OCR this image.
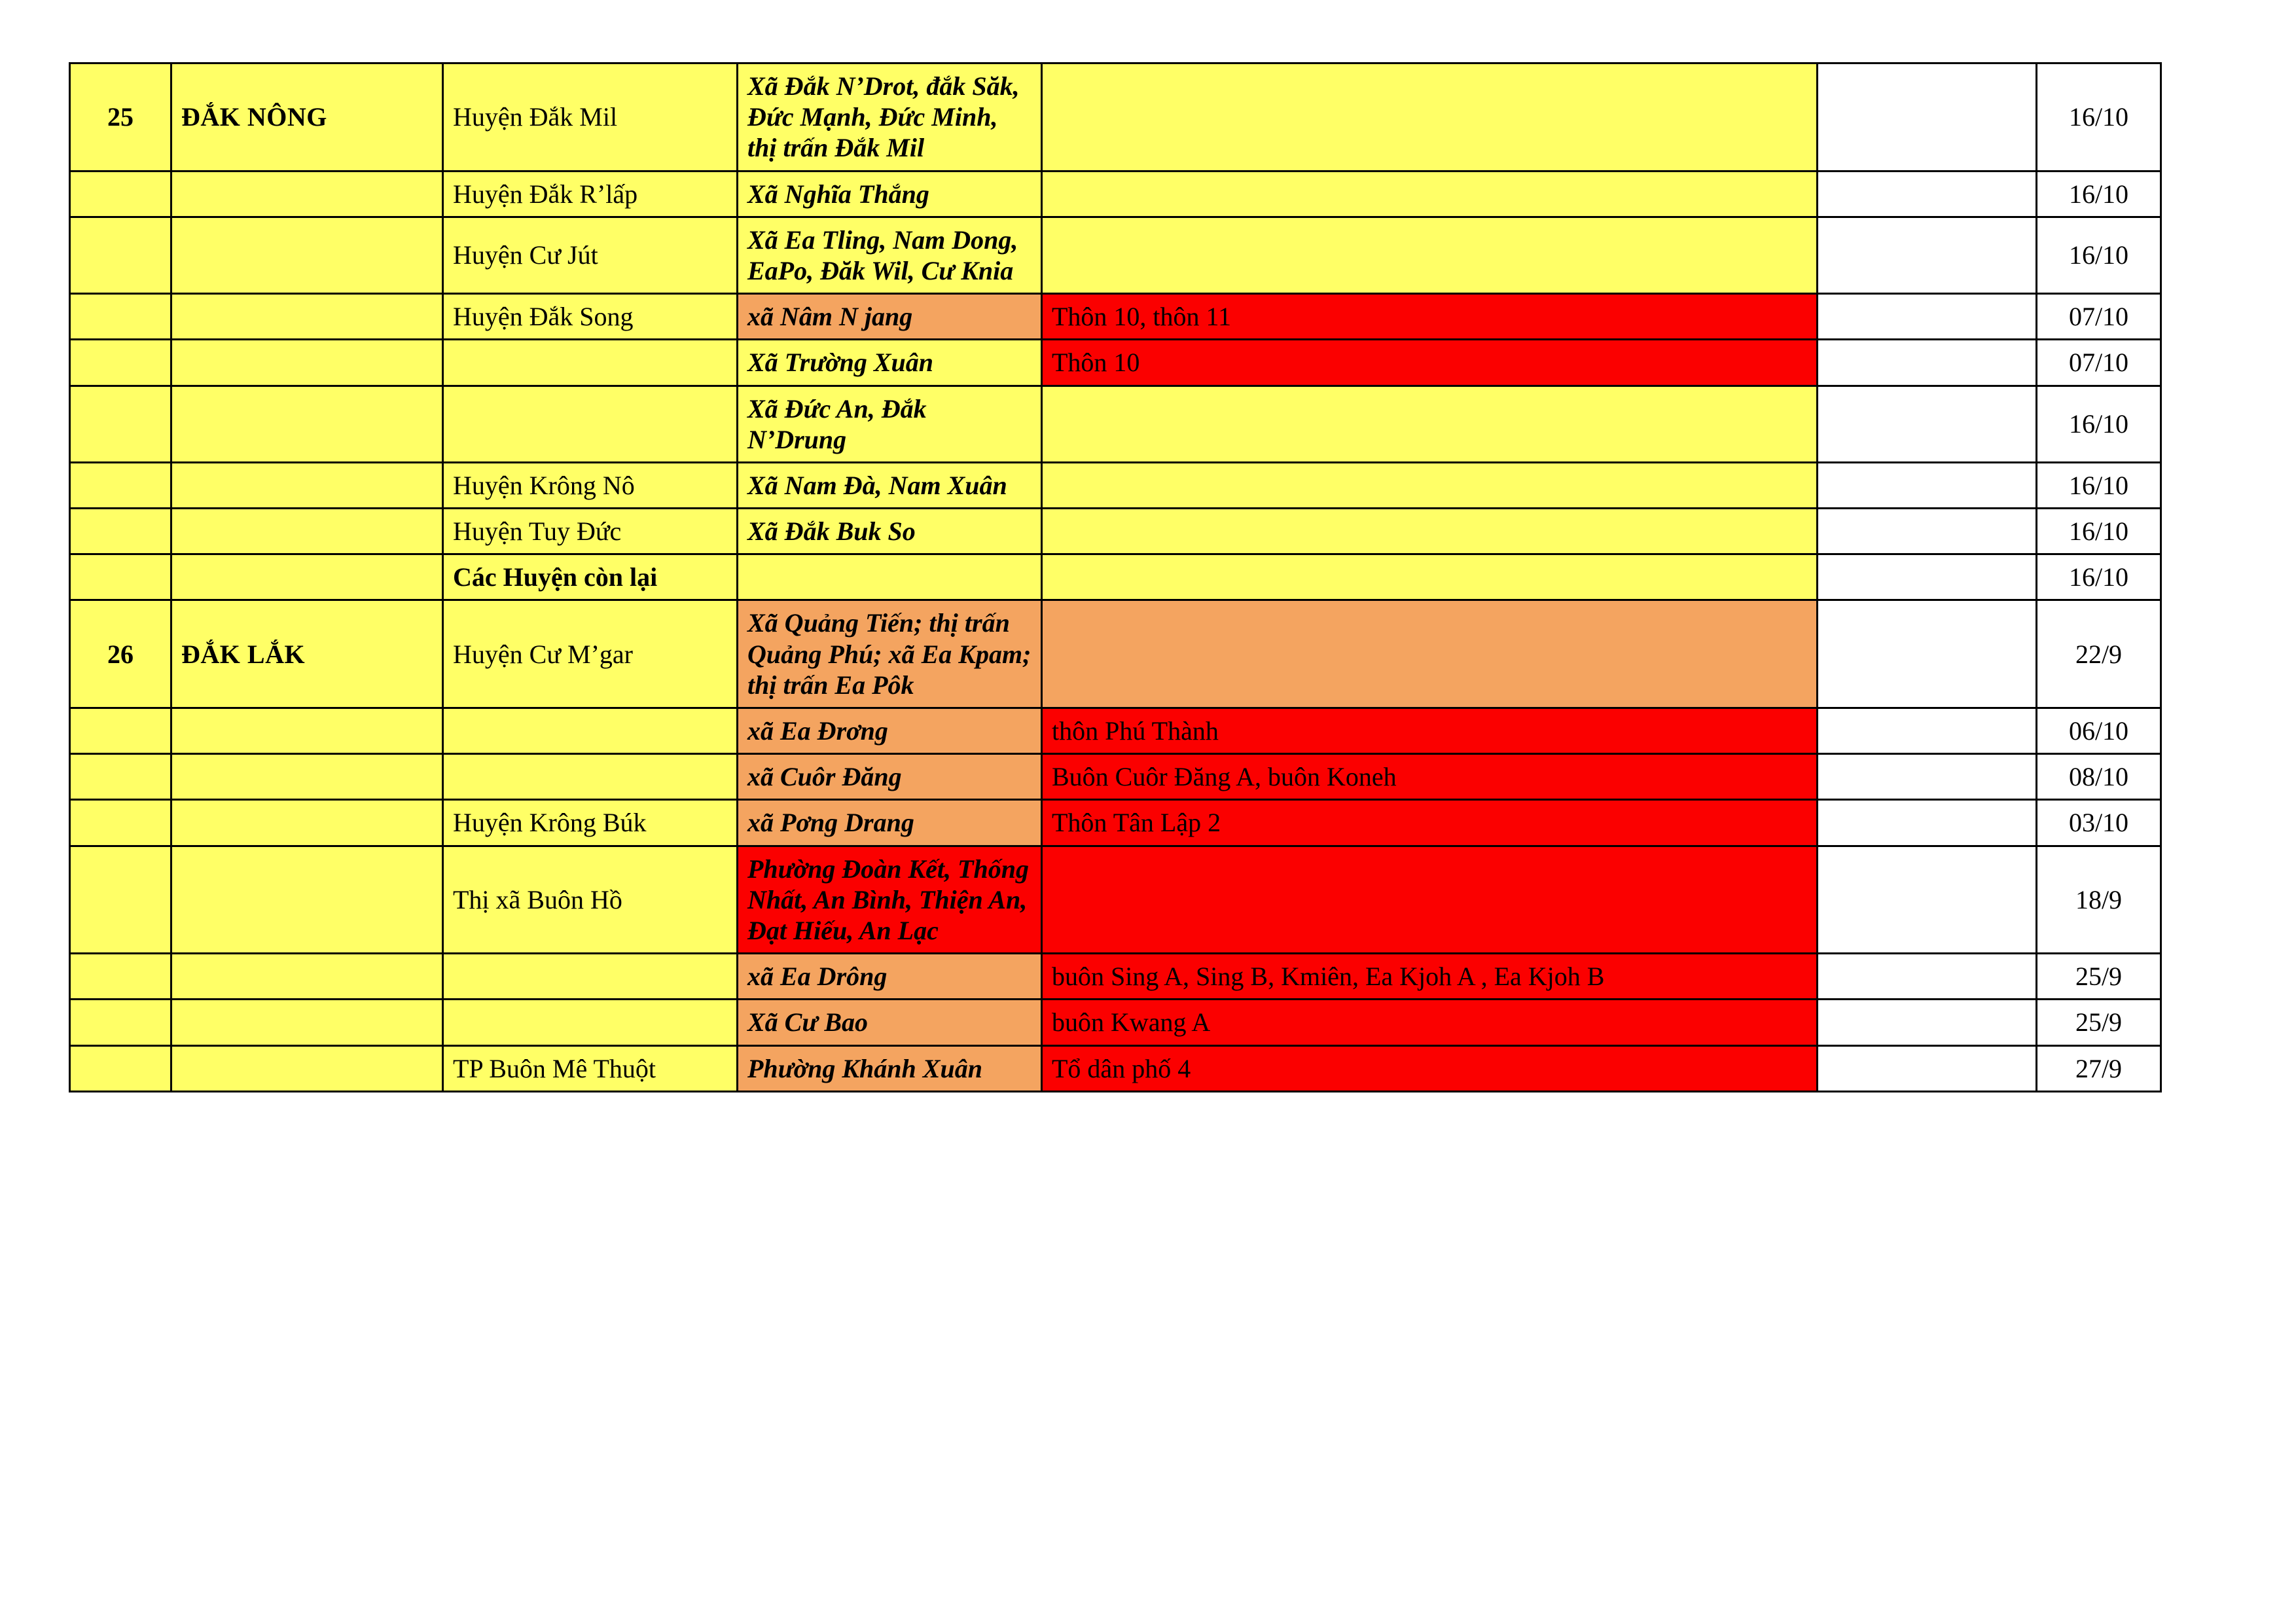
25	ĐẮK NÔNG	Huyện Đắk Mil	Xã Đắk N’Drot, đắk Săk, Đức Mạnh, Đức Minh, thị trấn Đắk Mil			16/10
		Huyện Đắk R’lấp	Xã Nghĩa Thắng			16/10
		Huyện Cư Jút	Xã Ea Tling, Nam Dong, EaPo, Đăk Wil, Cư Knia			16/10
		Huyện Đắk Song	xã Nâm N jang	Thôn 10, thôn 11		07/10
			Xã Trường Xuân	Thôn 10		07/10
			Xã Đức An, Đắk N’Drung			16/10
		Huyện Krông Nô	Xã Nam Đà, Nam Xuân			16/10
		Huyện Tuy Đức	Xã Đắk Buk So			16/10
		Các Huyện còn lại				16/10
26	ĐẮK LẮK	Huyện Cư M’gar	Xã Quảng Tiến; thị trấn Quảng Phú; xã Ea Kpam; thị trấn Ea Pôk			22/9
			xã Ea Đrơng	thôn Phú Thành		06/10
			xã Cuôr Đăng	Buôn Cuôr Đăng A, buôn Koneh		08/10
		Huyện Krông Búk	xã Pơng Drang	Thôn Tân Lập 2		03/10
		Thị xã Buôn Hồ	Phường Đoàn Kết, Thống Nhất, An Bình, Thiện An, Đạt Hiếu, An Lạc			18/9
			xã Ea Drông	buôn Sing A, Sing B, Kmiên, Ea Kjoh A , Ea Kjoh B		25/9
			Xã Cư Bao	buôn Kwang A		25/9
		TP Buôn Mê Thuột	Phường Khánh Xuân	Tổ dân phố 4		27/9
